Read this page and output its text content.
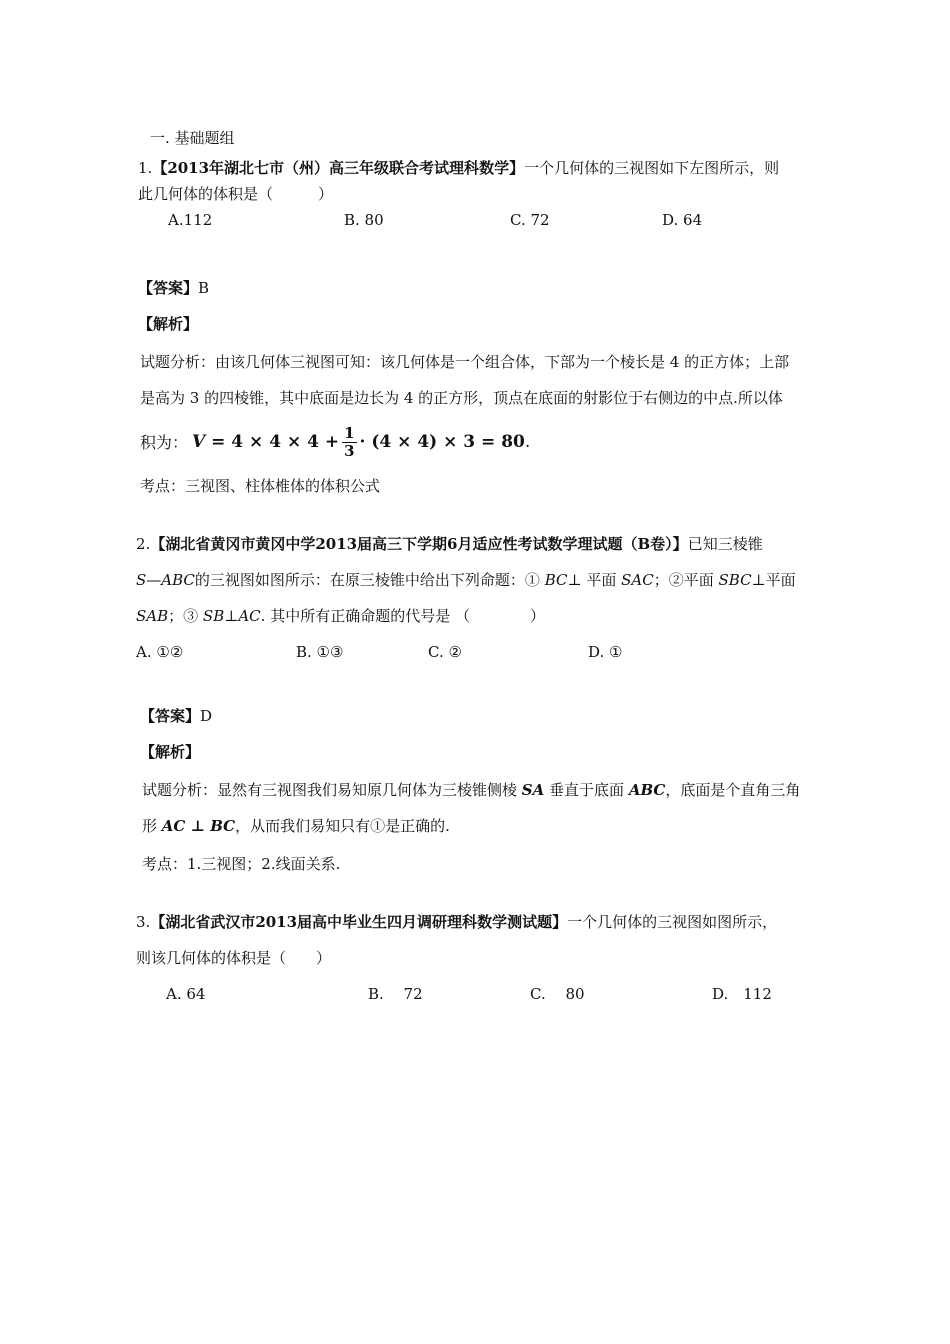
一. 基础题组
1.【2013年湖北七市（州）高三年级联合考试理科数学】一个几何体的三视图如下左图所示，则
此几何体的体积是（　　　）
A.112	B. 80	C. 72	D. 64
【答案】B
【解析】
试题分析：由该几何体三视图可知：该几何体是一个组合体，下部为一个棱长是 4 的正方体；上部
是高为 3 的四棱锥，其中底面是边长为 4 的正方形，顶点在底面的射影位于右侧边的中点.所以体
积为： V
= $4 \times 4 \times 4 + \frac{1}{3} \cdot (4 \times 4) \times 3 = 80$ .
考点：三视图、柱体椎体的体积公式
2.【湖北省黄冈市黄冈中学2013届高三下学期6月适应性考试数学理试题（B卷）】已知三棱锥
S—ABC的三视图如图所示：在原三棱锥中给出下列命题：① BC⊥ 平面 SAC；②平面 SBC⊥平面
SAB；③ SB⊥AC. 其中所有正确命题的代号是 （　　　　）
A. ①②	B. ①③	C. ②	D. ①
【答案】D
【解析】
试题分析：显然有三视图我们易知原几何体为三棱锥侧棱 SA 垂直于底面 ABC，底面是个直角三角
形 AC ⊥ BC，从而我们易知只有①是正确的.
考点：1.三视图；2.线面关系.
3.【湖北省武汉市2013届高中毕业生四月调研理科数学测试题】一个几何体的三视图如图所示，
则该几何体的体积是（　　）
A. 64	B.　 72	C.　 80	D.　112
